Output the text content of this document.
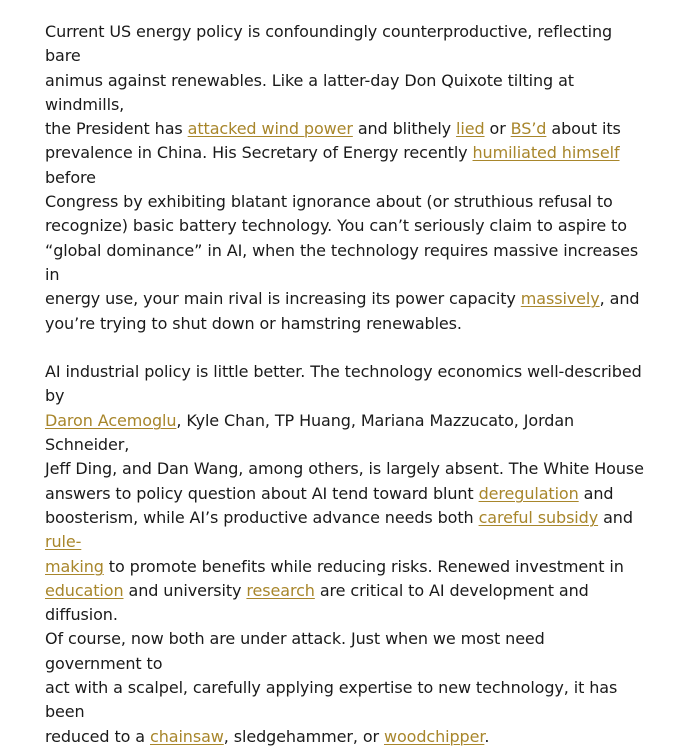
Current US energy policy is confoundingly counterproductive, reflecting bare
animus against renewables. Like a latter-day Don Quixote tilting at windmills,
the President has attacked wind power and blithely lied or BS’d about its
prevalence in China. His Secretary of Energy recently humiliated himself before
Congress by exhibiting blatant ignorance about (or struthious refusal to
recognize) basic battery technology. You can’t seriously claim to aspire to
“global dominance” in AI, when the technology requires massive increases in
energy use, your main rival is increasing its power capacity massively, and
you’re trying to shut down or hamstring renewables.

AI industrial policy is little better. The technology economics well-described by
Daron Acemoglu, Kyle Chan, TP Huang, Mariana Mazzucato, Jordan Schneider,
Jeff Ding, and Dan Wang, among others, is largely absent. The White House
answers to policy question about AI tend toward blunt deregulation and
boosterism, while AI’s productive advance needs both careful subsidy and rule-
making to promote benefits while reducing risks. Renewed investment in
education and university research are critical to AI development and diffusion.
Of course, now both are under attack. Just when we most need government to
act with a scalpel, carefully applying expertise to new technology, it has been
reduced to a chainsaw, sledgehammer, or woodchipper.
